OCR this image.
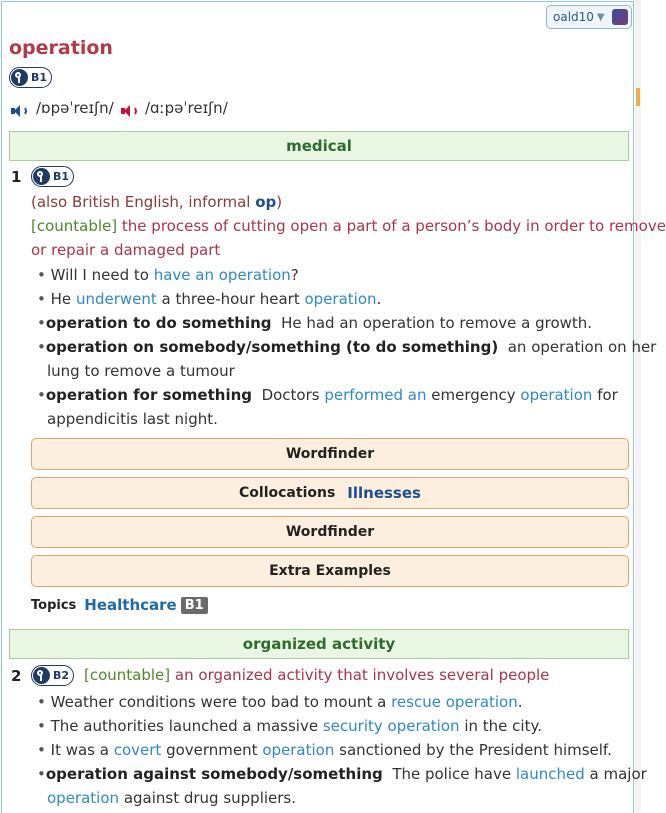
oald10 ▼
operation
B1
/ɒpəˈreɪʃn/ /ɑːpəˈreɪʃn/
medical
1	B1
(also British English, informal op)
[countable] the process of cutting open a part of a person’s body in order to remove
or repair a damaged part
• Will I need to have an operation?
• He underwent a three-hour heart operation.
•operation to do something He had an operation to remove a growth.
•operation on somebody/something (to do something) an operation on her
lung to remove a tumour
•operation for something Doctors performed an emergency operation for
appendicitis last night.
Wordfinder
Collocations Illnesses
Wordfinder
Extra Examples
Topics Healthcare B1
organized activity
2	B2 [countable] an organized activity that involves several people
• Weather conditions were too bad to mount a rescue operation.
• The authorities launched a massive security operation in the city.
• It was a covert government operation sanctioned by the President himself.
•operation against somebody/something The police have launched a major
operation against drug suppliers.
